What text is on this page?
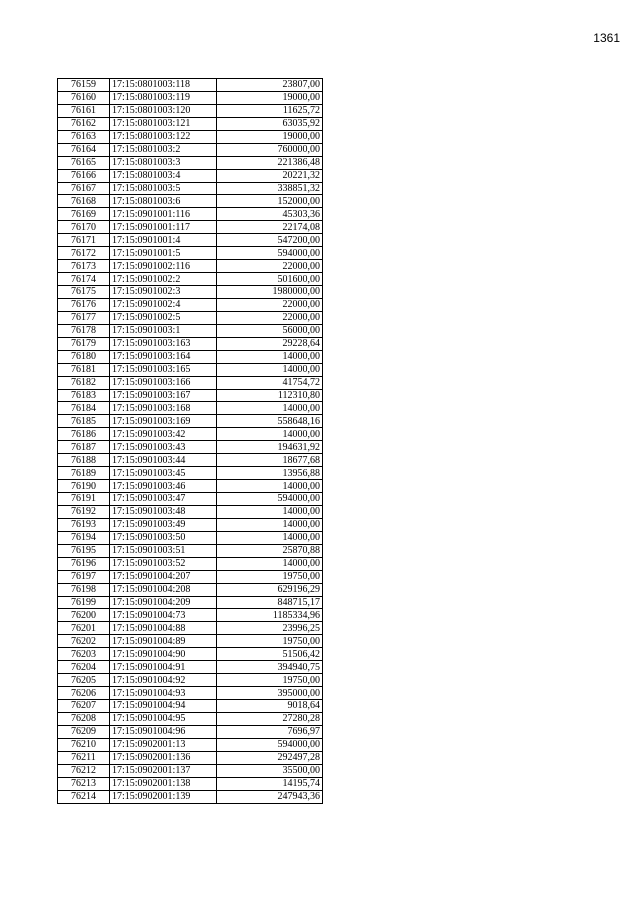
1361
76159	17:15:0801003:118	23807,00
76160	17:15:0801003:119	19000,00
76161	17:15:0801003:120	11625,72
76162	17:15:0801003:121	63035,92
76163	17:15:0801003:122	19000,00
76164	17:15:0801003:2	760000,00
76165	17:15:0801003:3	221386,48
76166	17:15:0801003:4	20221,32
76167	17:15:0801003:5	338851,32
76168	17:15:0801003:6	152000,00
76169	17:15:0901001:116	45303,36
76170	17:15:0901001:117	22174,08
76171	17:15:0901001:4	547200,00
76172	17:15:0901001:5	594000,00
76173	17:15:0901002:116	22000,00
76174	17:15:0901002:2	501600,00
76175	17:15:0901002:3	1980000,00
76176	17:15:0901002:4	22000,00
76177	17:15:0901002:5	22000,00
76178	17:15:0901003:1	56000,00
76179	17:15:0901003:163	29228,64
76180	17:15:0901003:164	14000,00
76181	17:15:0901003:165	14000,00
76182	17:15:0901003:166	41754,72
76183	17:15:0901003:167	112310,80
76184	17:15:0901003:168	14000,00
76185	17:15:0901003:169	558648,16
76186	17:15:0901003:42	14000,00
76187	17:15:0901003:43	194631,92
76188	17:15:0901003:44	18677,68
76189	17:15:0901003:45	13956,88
76190	17:15:0901003:46	14000,00
76191	17:15:0901003:47	594000,00
76192	17:15:0901003:48	14000,00
76193	17:15:0901003:49	14000,00
76194	17:15:0901003:50	14000,00
76195	17:15:0901003:51	25870,88
76196	17:15:0901003:52	14000,00
76197	17:15:0901004:207	19750,00
76198	17:15:0901004:208	629196,29
76199	17:15:0901004:209	848715,17
76200	17:15:0901004:73	1185334,96
76201	17:15:0901004:88	23996,25
76202	17:15:0901004:89	19750,00
76203	17:15:0901004:90	51506,42
76204	17:15:0901004:91	394940,75
76205	17:15:0901004:92	19750,00
76206	17:15:0901004:93	395000,00
76207	17:15:0901004:94	9018,64
76208	17:15:0901004:95	27280,28
76209	17:15:0901004:96	7696,97
76210	17:15:0902001:13	594000,00
76211	17:15:0902001:136	292497,28
76212	17:15:0902001:137	35500,00
76213	17:15:0902001:138	14195,74
76214	17:15:0902001:139	247943,36
